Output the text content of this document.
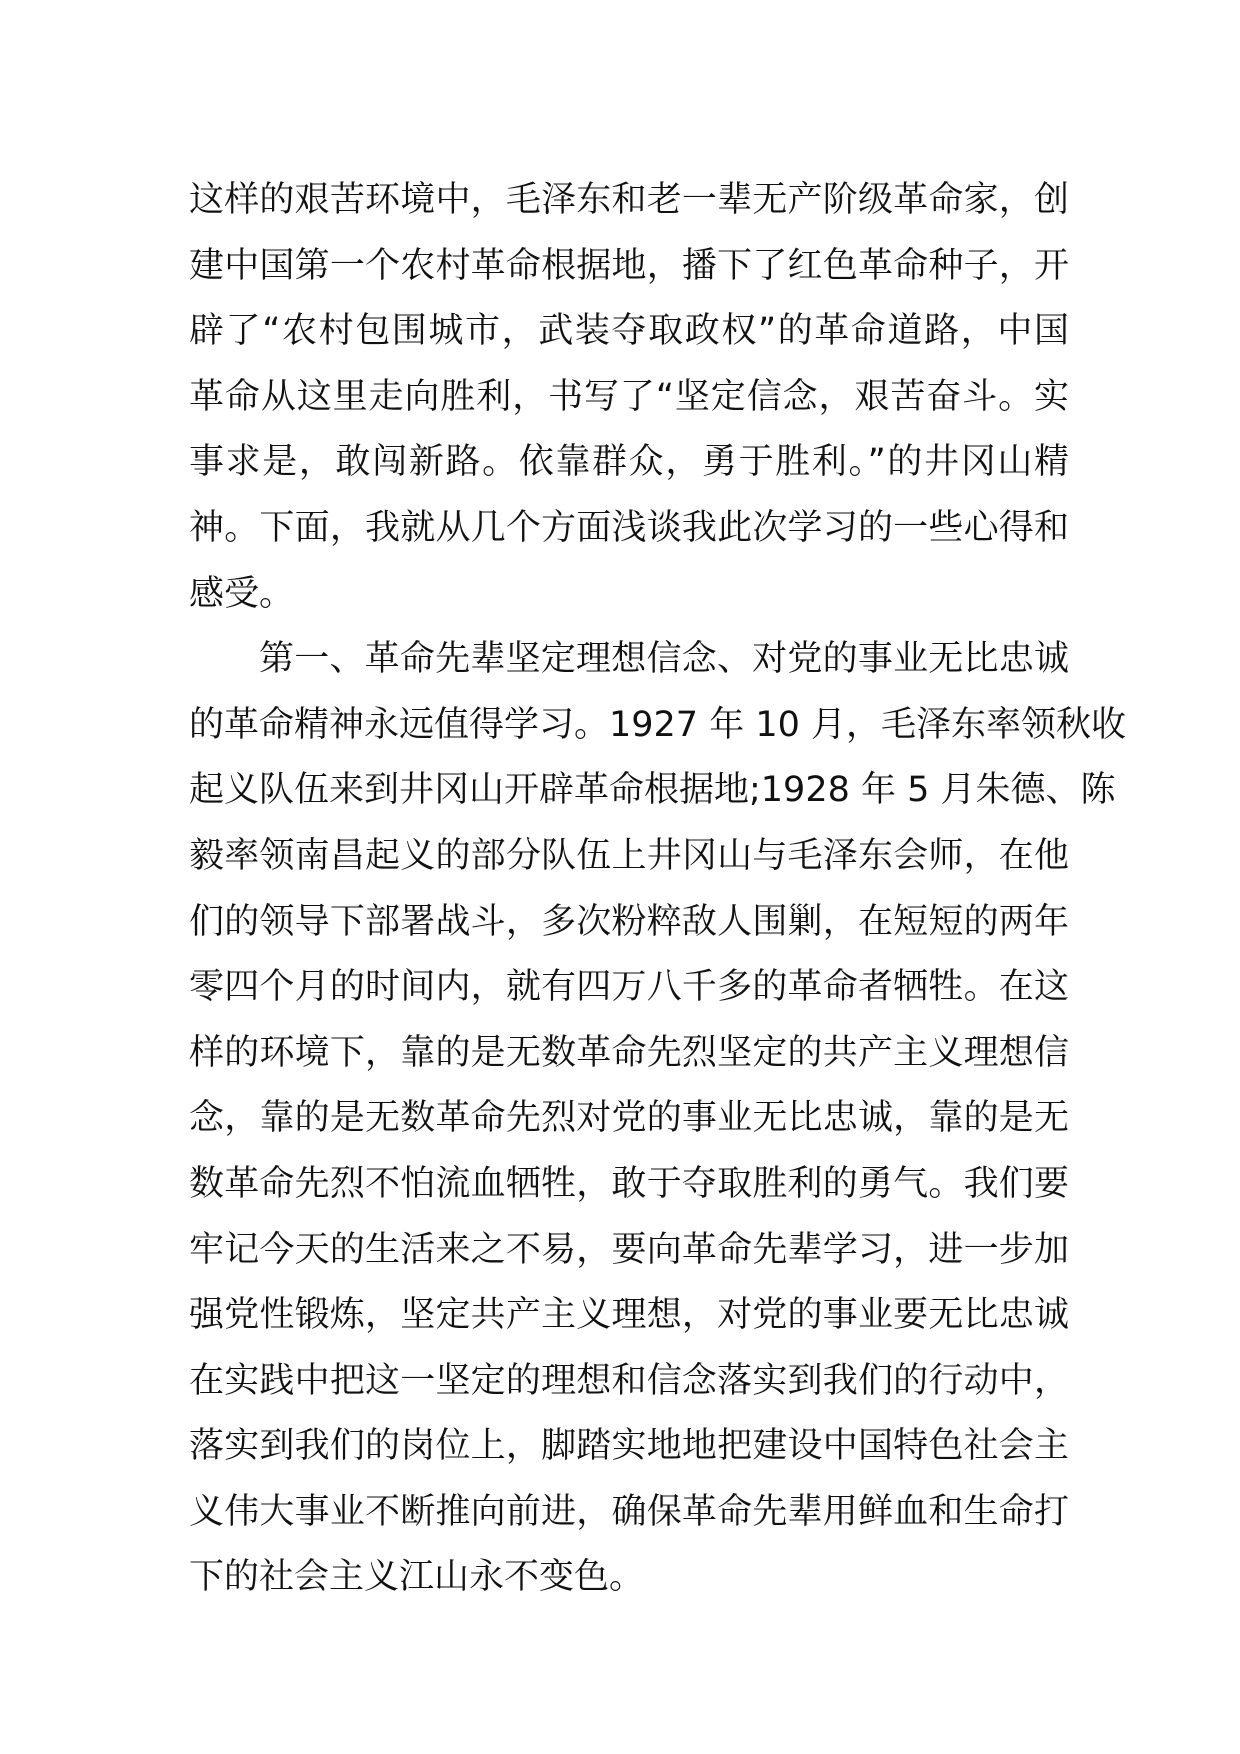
这样的艰苦环境中，毛泽东和老一辈无产阶级革命家，创
建中国第一个农村革命根据地，播下了红色革命种子，开
辟了“农村包围城市，武装夺取政权”的革命道路，中国
革命从这里走向胜利，书写了“坚定信念，艰苦奋斗。实
事求是，敢闯新路。依靠群众，勇于胜利。”的井冈山精
神。下面，我就从几个方面浅谈我此次学习的一些心得和
感受。
第一、革命先辈坚定理想信念、对党的事业无比忠诚
的革命精神永远值得学习。1927 年 10 月，毛泽东率领秋收
起义队伍来到井冈山开辟革命根据地;1928 年 5 月朱德、陈
毅率领南昌起义的部分队伍上井冈山与毛泽东会师，在他
们的领导下部署战斗，多次粉粹敌人围剿，在短短的两年
零四个月的时间内，就有四万八千多的革命者牺牲。在这
样的环境下，靠的是无数革命先烈坚定的共产主义理想信
念，靠的是无数革命先烈对党的事业无比忠诚，靠的是无
数革命先烈不怕流血牺牲，敢于夺取胜利的勇气。我们要
牢记今天的生活来之不易，要向革命先辈学习，进一步加
强党性锻炼，坚定共产主义理想，对党的事业要无比忠诚
在实践中把这一坚定的理想和信念落实到我们的行动中，
落实到我们的岗位上，脚踏实地地把建设中国特色社会主
义伟大事业不断推向前进，确保革命先辈用鲜血和生命打
下的社会主义江山永不变色。
